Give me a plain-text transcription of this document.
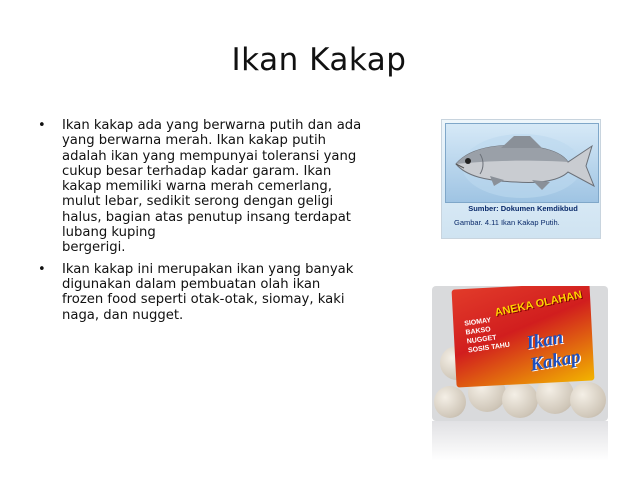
Ikan Kakap
• Ikan kakap ada yang berwarna putih dan ada
yang berwarna merah. Ikan kakap putih
adalah ikan yang mempunyai toleransi yang
cukup besar terhadap kadar garam. Ikan
kakap memiliki warna merah cemerlang,
mulut lebar, sedikit serong dengan geligi
halus, bagian atas penutup insang terdapat
lubang kuping
bergerigi.
• Ikan kakap ini merupakan ikan yang banyak
digunakan dalam pembuatan olah ikan
frozen food seperti otak-otak, siomay, kaki
naga, dan nugget.
Sumber: Dokumen Kemdikbud
Gambar. 4.11 Ikan Kakap Putih.
ANEKA OLAHAN
SIOMAY BAKSO NUGGET SOSIS TAHU Ikan Kakap
